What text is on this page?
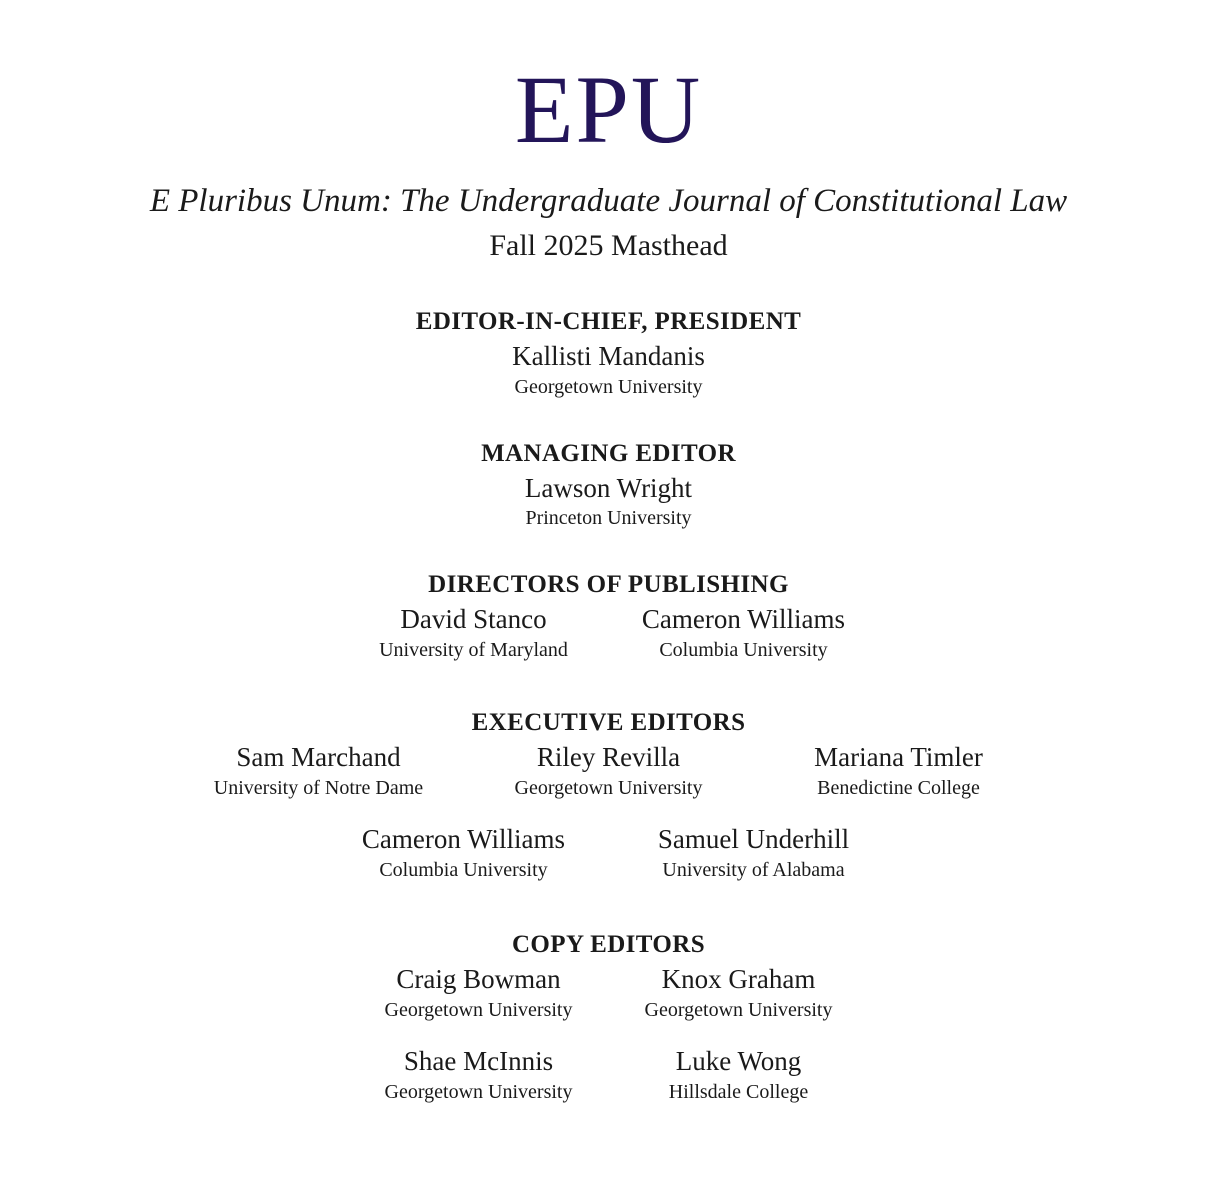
EPU
E Pluribus Unum: The Undergraduate Journal of Constitutional Law
Fall 2025 Masthead
EDITOR-IN-CHIEF, PRESIDENT
Kallisti Mandanis
Georgetown University
MANAGING EDITOR
Lawson Wright
Princeton University
DIRECTORS OF PUBLISHING
David Stanco
University of Maryland
Cameron Williams
Columbia University
EXECUTIVE EDITORS
Sam Marchand
University of Notre Dame
Riley Revilla
Georgetown University
Mariana Timler
Benedictine College
Cameron Williams
Columbia University
Samuel Underhill
University of Alabama
COPY EDITORS
Craig Bowman
Georgetown University
Knox Graham
Georgetown University
Shae McInnis
Georgetown University
Luke Wong
Hillsdale College
